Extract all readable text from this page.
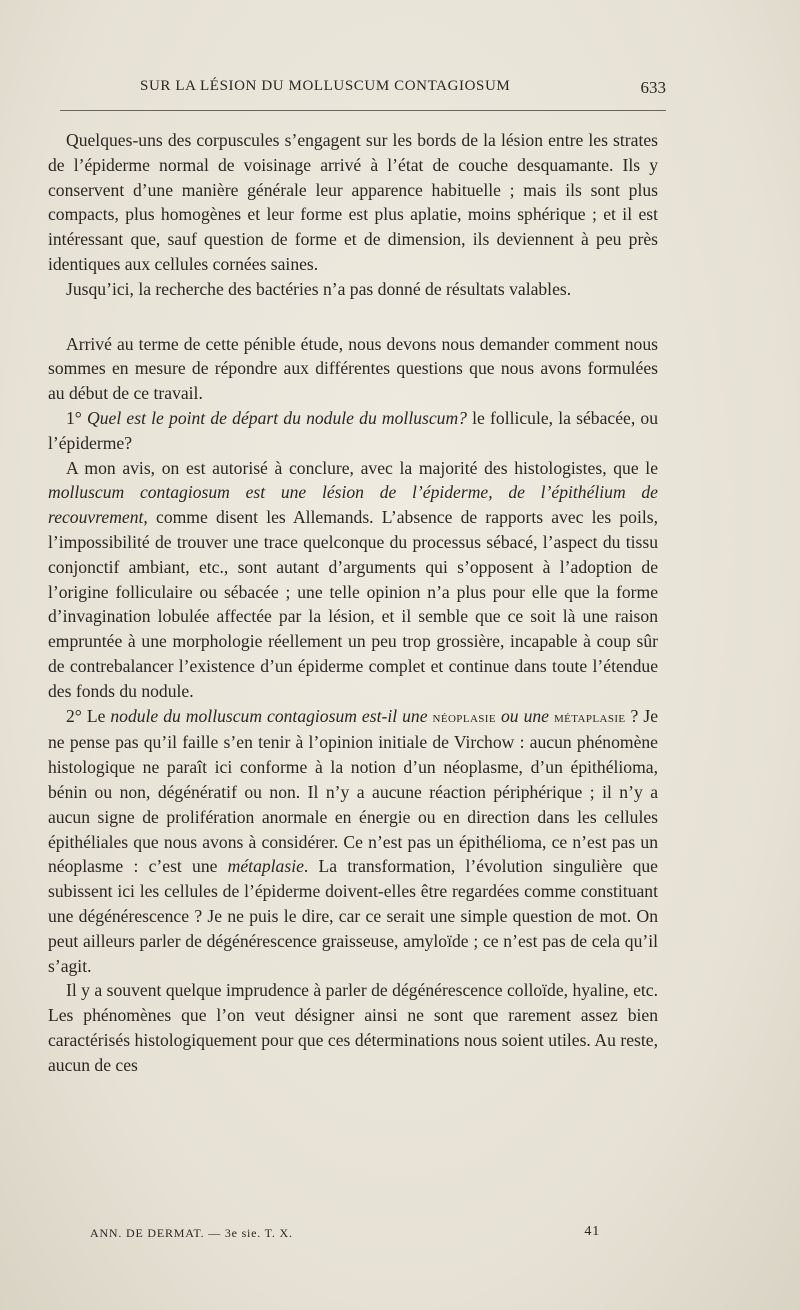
SUR LA LÉSION DU MOLLUSCUM CONTAGIOSUM	633

Quelques-uns des corpuscules s’engagent sur les bords de la lésion entre les strates de l’épiderme normal de voisinage arrivé à l’état de couche desquamante. Ils y conservent d’une manière générale leur apparence habituelle ; mais ils sont plus compacts, plus homogènes et leur forme est plus aplatie, moins sphérique ; et il est intéressant que, sauf question de forme et de dimension, ils deviennent à peu près identiques aux cellules cornées saines.

Jusqu’ici, la recherche des bactéries n’a pas donné de résultats valables.

Arrivé au terme de cette pénible étude, nous devons nous demander comment nous sommes en mesure de répondre aux différentes questions que nous avons formulées au début de ce travail.

1° Quel est le point de départ du nodule du molluscum? le follicule, la sébacée, ou l’épiderme?

A mon avis, on est autorisé à conclure, avec la majorité des histologistes, que le molluscum contagiosum est une lésion de l’épiderme, de l’épithélium de recouvrement, comme disent les Allemands. L’absence de rapports avec les poils, l’impossibilité de trouver une trace quelconque du processus sébacé, l’aspect du tissu conjonctif ambiant, etc., sont autant d’arguments qui s’opposent à l’adoption de l’origine folliculaire ou sébacée ; une telle opinion n’a plus pour elle que la forme d’invagination lobulée affectée par la lésion, et il semble que ce soit là une raison empruntée à une morphologie réellement un peu trop grossière, incapable à coup sûr de contrebalancer l’existence d’un épiderme complet et continue dans toute l’étendue des fonds du nodule.

2° Le nodule du molluscum contagiosum est-il une néoplasie ou une métaplasie ? Je ne pense pas qu’il faille s’en tenir à l’opinion initiale de Virchow : aucun phénomène histologique ne paraît ici conforme à la notion d’un néoplasme, d’un épithélioma, bénin ou non, dégénératif ou non. Il n’y a aucune réaction périphérique ; il n’y a aucun signe de prolifération anormale en énergie ou en direction dans les cellules épithéliales que nous avons à considérer. Ce n’est pas un épithélioma, ce n’est pas un néoplasme : c’est une métaplasie. La transformation, l’évolution singulière que subissent ici les cellules de l’épiderme doivent-elles être regardées comme constituant une dégénérescence ? Je ne puis le dire, car ce serait une simple question de mot. On peut ailleurs parler de dégénérescence graisseuse, amyloïde ; ce n’est pas de cela qu’il s’agit.

Il y a souvent quelque imprudence à parler de dégénérescence colloïde, hyaline, etc. Les phénomènes que l’on veut désigner ainsi ne sont que rarement assez bien caractérisés histologiquement pour que ces déterminations nous soient utiles. Au reste, aucun de ces

ANN. DE DERMAT. — 3e sie. T. X.	41
